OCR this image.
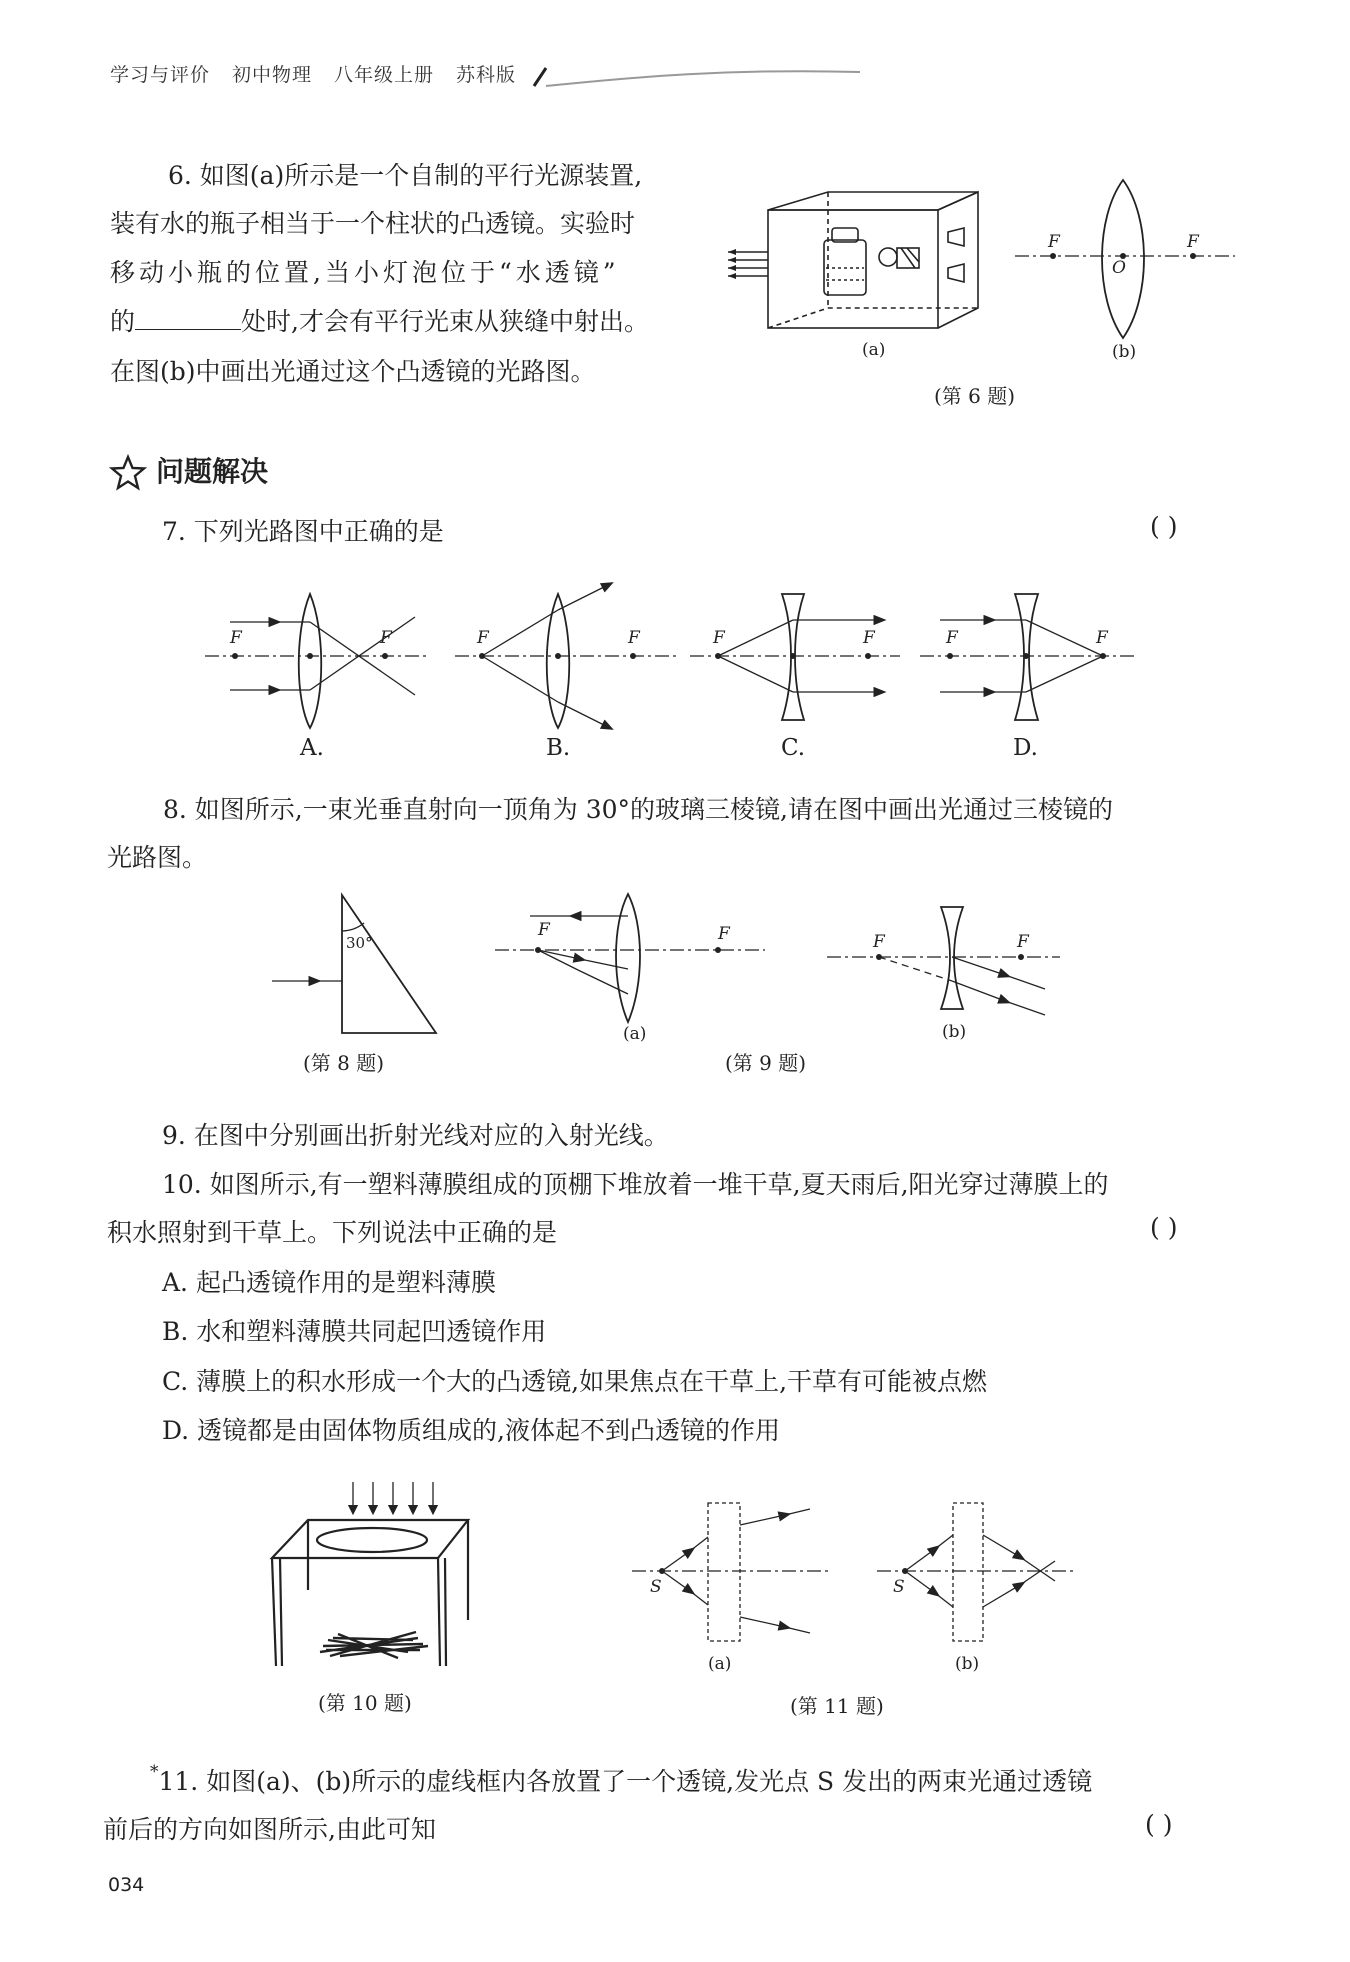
学习与评价 初中物理 八年级上册 苏科版
6. 如图(a)所示是一个自制的平行光源装置,
装有水的瓶子相当于一个柱状的凸透镜。实验时
移动小瓶的位置,当小灯泡位于“水透镜”
的	处时,才会有平行光束从狭缝中射出。
在图(b)中画出光通过这个凸透镜的光路图。
(a)
F
O
F
(b)
(第 6 题)
问题解决
7. 下列光路图中正确的是	( )
F	F	F	F	F	F	F	F
A.	B.	C.	D.
8. 如图所示,一束光垂直射向一顶角为 30°的玻璃三棱镜,请在图中画出光通过三棱镜的
光路图。
30°
(第 8 题)
F	F
(a)
F	F
(b)
(第 9 题)
9. 在图中分别画出折射光线对应的入射光线。
10. 如图所示,有一塑料薄膜组成的顶棚下堆放着一堆干草,夏天雨后,阳光穿过薄膜上的
积水照射到干草上。下列说法中正确的是	( )
A. 起凸透镜作用的是塑料薄膜
B. 水和塑料薄膜共同起凹透镜作用
C. 薄膜上的积水形成一个大的凸透镜,如果焦点在干草上,干草有可能被点燃
D. 透镜都是由固体物质组成的,液体起不到凸透镜的作用
(第 10 题)
S
(a)
S
(b)
(第 11 题)
*11. 如图(a)、(b)所示的虚线框内各放置了一个透镜,发光点 S 发出的两束光通过透镜
前后的方向如图所示,由此可知	( )
034
